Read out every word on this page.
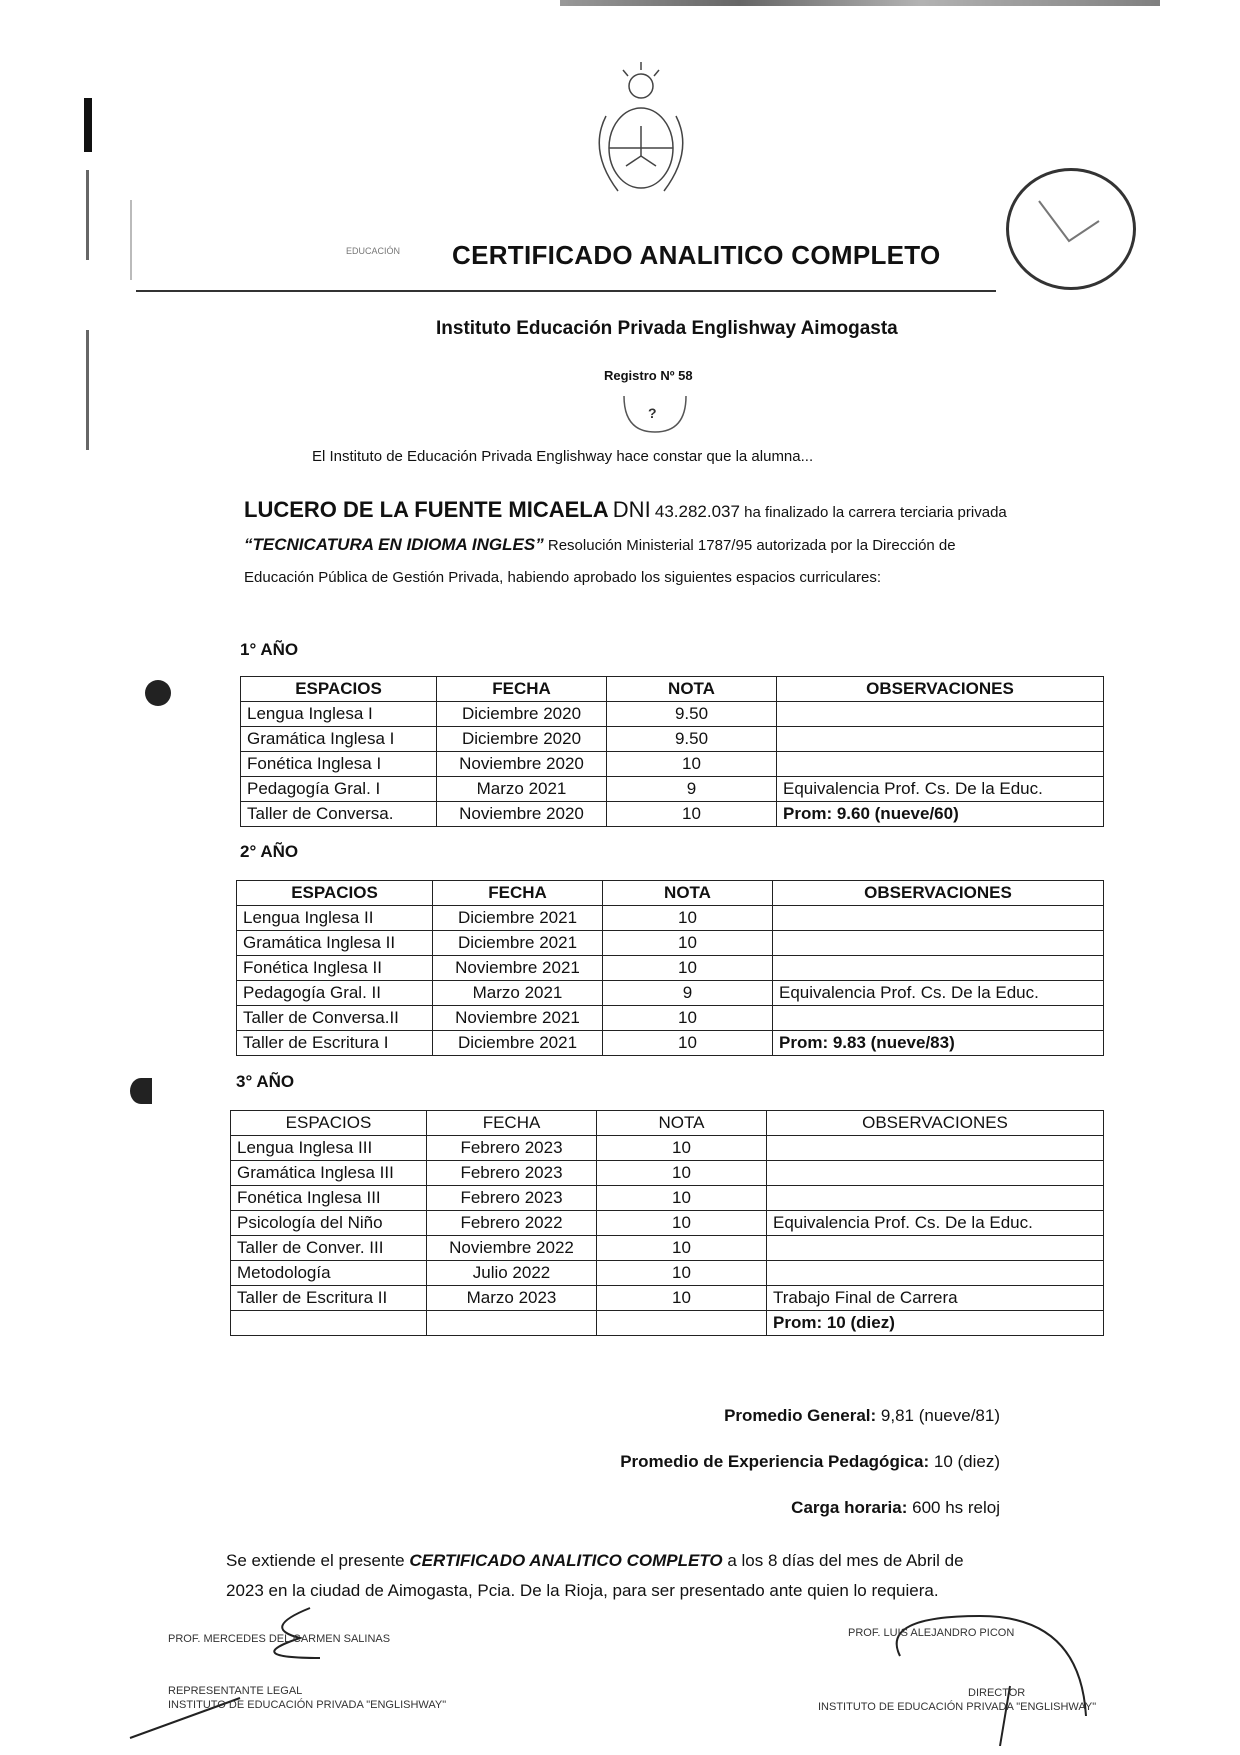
EDUCACIÓN CERTIFICADO ANALITICO COMPLETO
Instituto Educación Privada Englishway Aimogasta
Registro Nº 58
?
El Instituto de Educación Privada Englishway hace constar que la alumna...
LUCERO DE LA FUENTE MICAELA DNI 43.282.037 ha finalizado la carrera terciaria privada “TECNICATURA EN IDIOMA INGLES” Resolución Ministerial 1787/95 autorizada por la Dirección de Educación Pública de Gestión Privada, habiendo aprobado los siguientes espacios curriculares:
1° AÑO
ESPACIOS	FECHA	NOTA	OBSERVACIONES
Lengua Inglesa I	Diciembre 2020	9.50	
Gramática Inglesa I	Diciembre 2020	9.50	
Fonética Inglesa I	Noviembre 2020	10	
Pedagogía Gral. I	Marzo 2021	9	Equivalencia Prof. Cs. De la Educ.
Taller de Conversa.	Noviembre 2020	10	Prom: 9.60 (nueve/60)
2° AÑO
ESPACIOS	FECHA	NOTA	OBSERVACIONES
Lengua Inglesa II	Diciembre 2021	10	
Gramática Inglesa II	Diciembre 2021	10	
Fonética Inglesa II	Noviembre 2021	10	
Pedagogía Gral. II	Marzo 2021	9	Equivalencia Prof. Cs. De la Educ.
Taller de Conversa.II	Noviembre 2021	10	
Taller de Escritura I	Diciembre 2021	10	Prom: 9.83 (nueve/83)
3° AÑO
ESPACIOS	FECHA	NOTA	OBSERVACIONES
Lengua Inglesa III	Febrero 2023	10	
Gramática Inglesa III	Febrero 2023	10	
Fonética Inglesa III	Febrero 2023	10	
Psicología del Niño	Febrero 2022	10	Equivalencia Prof. Cs. De la Educ.
Taller de Conver. III	Noviembre 2022	10	
Metodología	Julio 2022	10	
Taller de Escritura II	Marzo 2023	10	Trabajo Final de Carrera
			Prom: 10 (diez)
Promedio General: 9,81 (nueve/81)
Promedio de Experiencia Pedagógica: 10 (diez)
Carga horaria: 600 hs reloj
Se extiende el presente CERTIFICADO ANALITICO COMPLETO a los 8 días del mes de Abril de 2023 en la ciudad de Aimogasta, Pcia. De la Rioja, para ser presentado ante quien lo requiera.
PROF. MERCEDES DEL CARMEN SALINAS
REPRESENTANTE LEGAL
INSTITUTO DE EDUCACIÓN PRIVADA "ENGLISHWAY"
PROF. LUIS ALEJANDRO PICON
DIRECTOR
INSTITUTO DE EDUCACIÓN PRIVADA "ENGLISHWAY"
